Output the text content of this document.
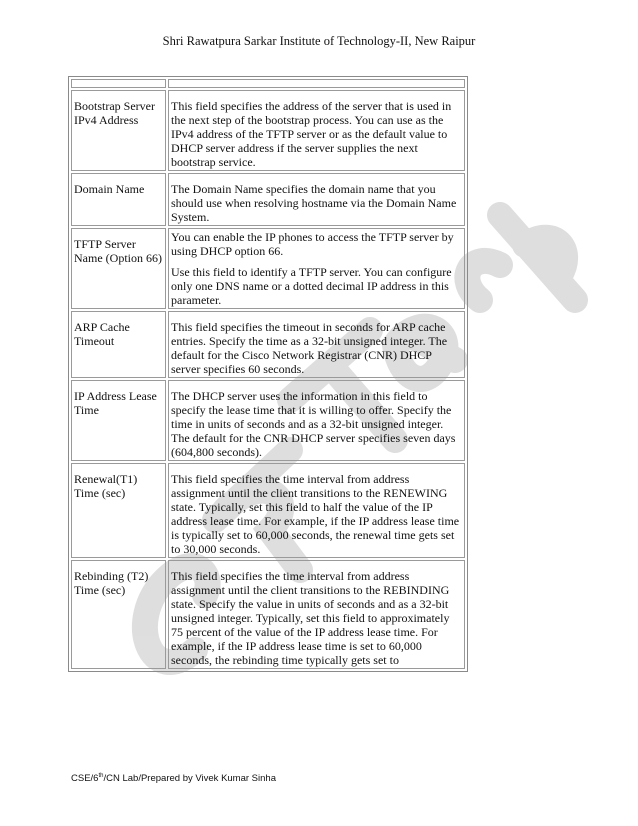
Shri Rawatpura Sarkar Institute of Technology-II, New Raipur

Bootstrap Server IPv4 Address	This field specifies the address of the server that is used in the next step of the bootstrap process. You can use as the IPv4 address of the TFTP server or as the default value to DHCP server address if the server supplies the next bootstrap service.

Domain Name	The Domain Name specifies the domain name that you should use when resolving hostname via the Domain Name System.

TFTP Server Name (Option 66)	You can enable the IP phones to access the TFTP server by using DHCP option 66.
Use this field to identify a TFTP server. You can configure only one DNS name or a dotted decimal IP address in this parameter.

ARP Cache Timeout	This field specifies the timeout in seconds for ARP cache entries. Specify the time as a 32-bit unsigned integer. The default for the Cisco Network Registrar (CNR) DHCP server specifies 60 seconds.

IP Address Lease Time	The DHCP server uses the information in this field to specify the lease time that it is willing to offer. Specify the time in units of seconds and as a 32-bit unsigned integer. The default for the CNR DHCP server specifies seven days (604,800 seconds).

Renewal(T1) Time (sec)	This field specifies the time interval from address assignment until the client transitions to the RENEWING state. Typically, set this field to half the value of the IP address lease time. For example, if the IP address lease time is typically set to 60,000 seconds, the renewal time gets set to 30,000 seconds.

Rebinding (T2) Time (sec)	This field specifies the time interval from address assignment until the client transitions to the REBINDING state. Specify the value in units of seconds and as a 32-bit unsigned integer. Typically, set this field to approximately 75 percent of the value of the IP address lease time. For example, if the IP address lease time is set to 60,000 seconds, the rebinding time typically gets set to
CSE/6th/CN Lab/Prepared by Vivek Kumar Sinha
